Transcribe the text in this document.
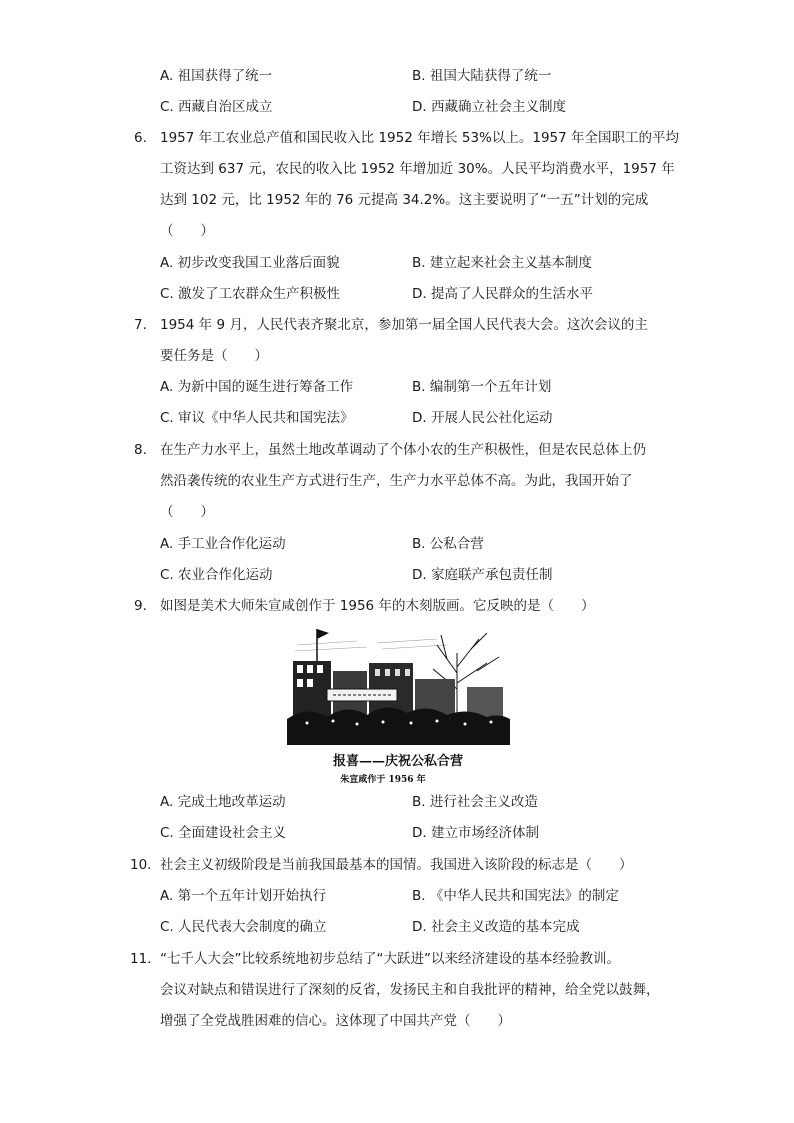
A. 祖国获得了统一	B. 祖国大陆获得了统一
C. 西藏自治区成立	D. 西藏确立社会主义制度
6. 1957 年工农业总产值和国民收入比 1952 年增长 53%以上。1957 年全国职工的平均
工资达到 637 元，农民的收入比 1952 年增加近 30%。人民平均消费水平，1957 年
达到 102 元，比 1952 年的 76 元提高 34.2%。这主要说明了“一五”计划的完成
（　　）
A. 初步改变我国工业落后面貌	B. 建立起来社会主义基本制度
C. 激发了工农群众生产积极性	D. 提高了人民群众的生活水平
7. 1954 年 9 月，人民代表齐聚北京，参加第一届全国人民代表大会。这次会议的主
要任务是（　　）
A. 为新中国的诞生进行筹备工作	B. 编制第一个五年计划
C. 审议《中华人民共和国宪法》	D. 开展人民公社化运动
8. 在生产力水平上，虽然土地改革调动了个体小农的生产积极性，但是农民总体上仍
然沿袭传统的农业生产方式进行生产，生产力水平总体不高。为此，我国开始了
（　　）
A. 手工业合作化运动	B. 公私合营
C. 农业合作化运动	D. 家庭联产承包责任制
9. 如图是美术大师朱宣咸创作于 1956 年的木刻版画。它反映的是（　　）
报喜——庆祝公私合营
朱宣咸作于 1956 年
A. 完成土地改革运动	B. 进行社会主义改造
C. 全面建设社会主义	D. 建立市场经济体制
10. 社会主义初级阶段是当前我国最基本的国情。我国进入该阶段的标志是（　　）
A. 第一个五年计划开始执行	B. 《中华人民共和国宪法》的制定
C. 人民代表大会制度的确立	D. 社会主义改造的基本完成
11. “七千人大会”比较系统地初步总结了“大跃进”以来经济建设的基本经验教训。
会议对缺点和错误进行了深刻的反省，发扬民主和自我批评的精神，给全党以鼓舞，
增强了全党战胜困难的信心。这体现了中国共产党（　　）
